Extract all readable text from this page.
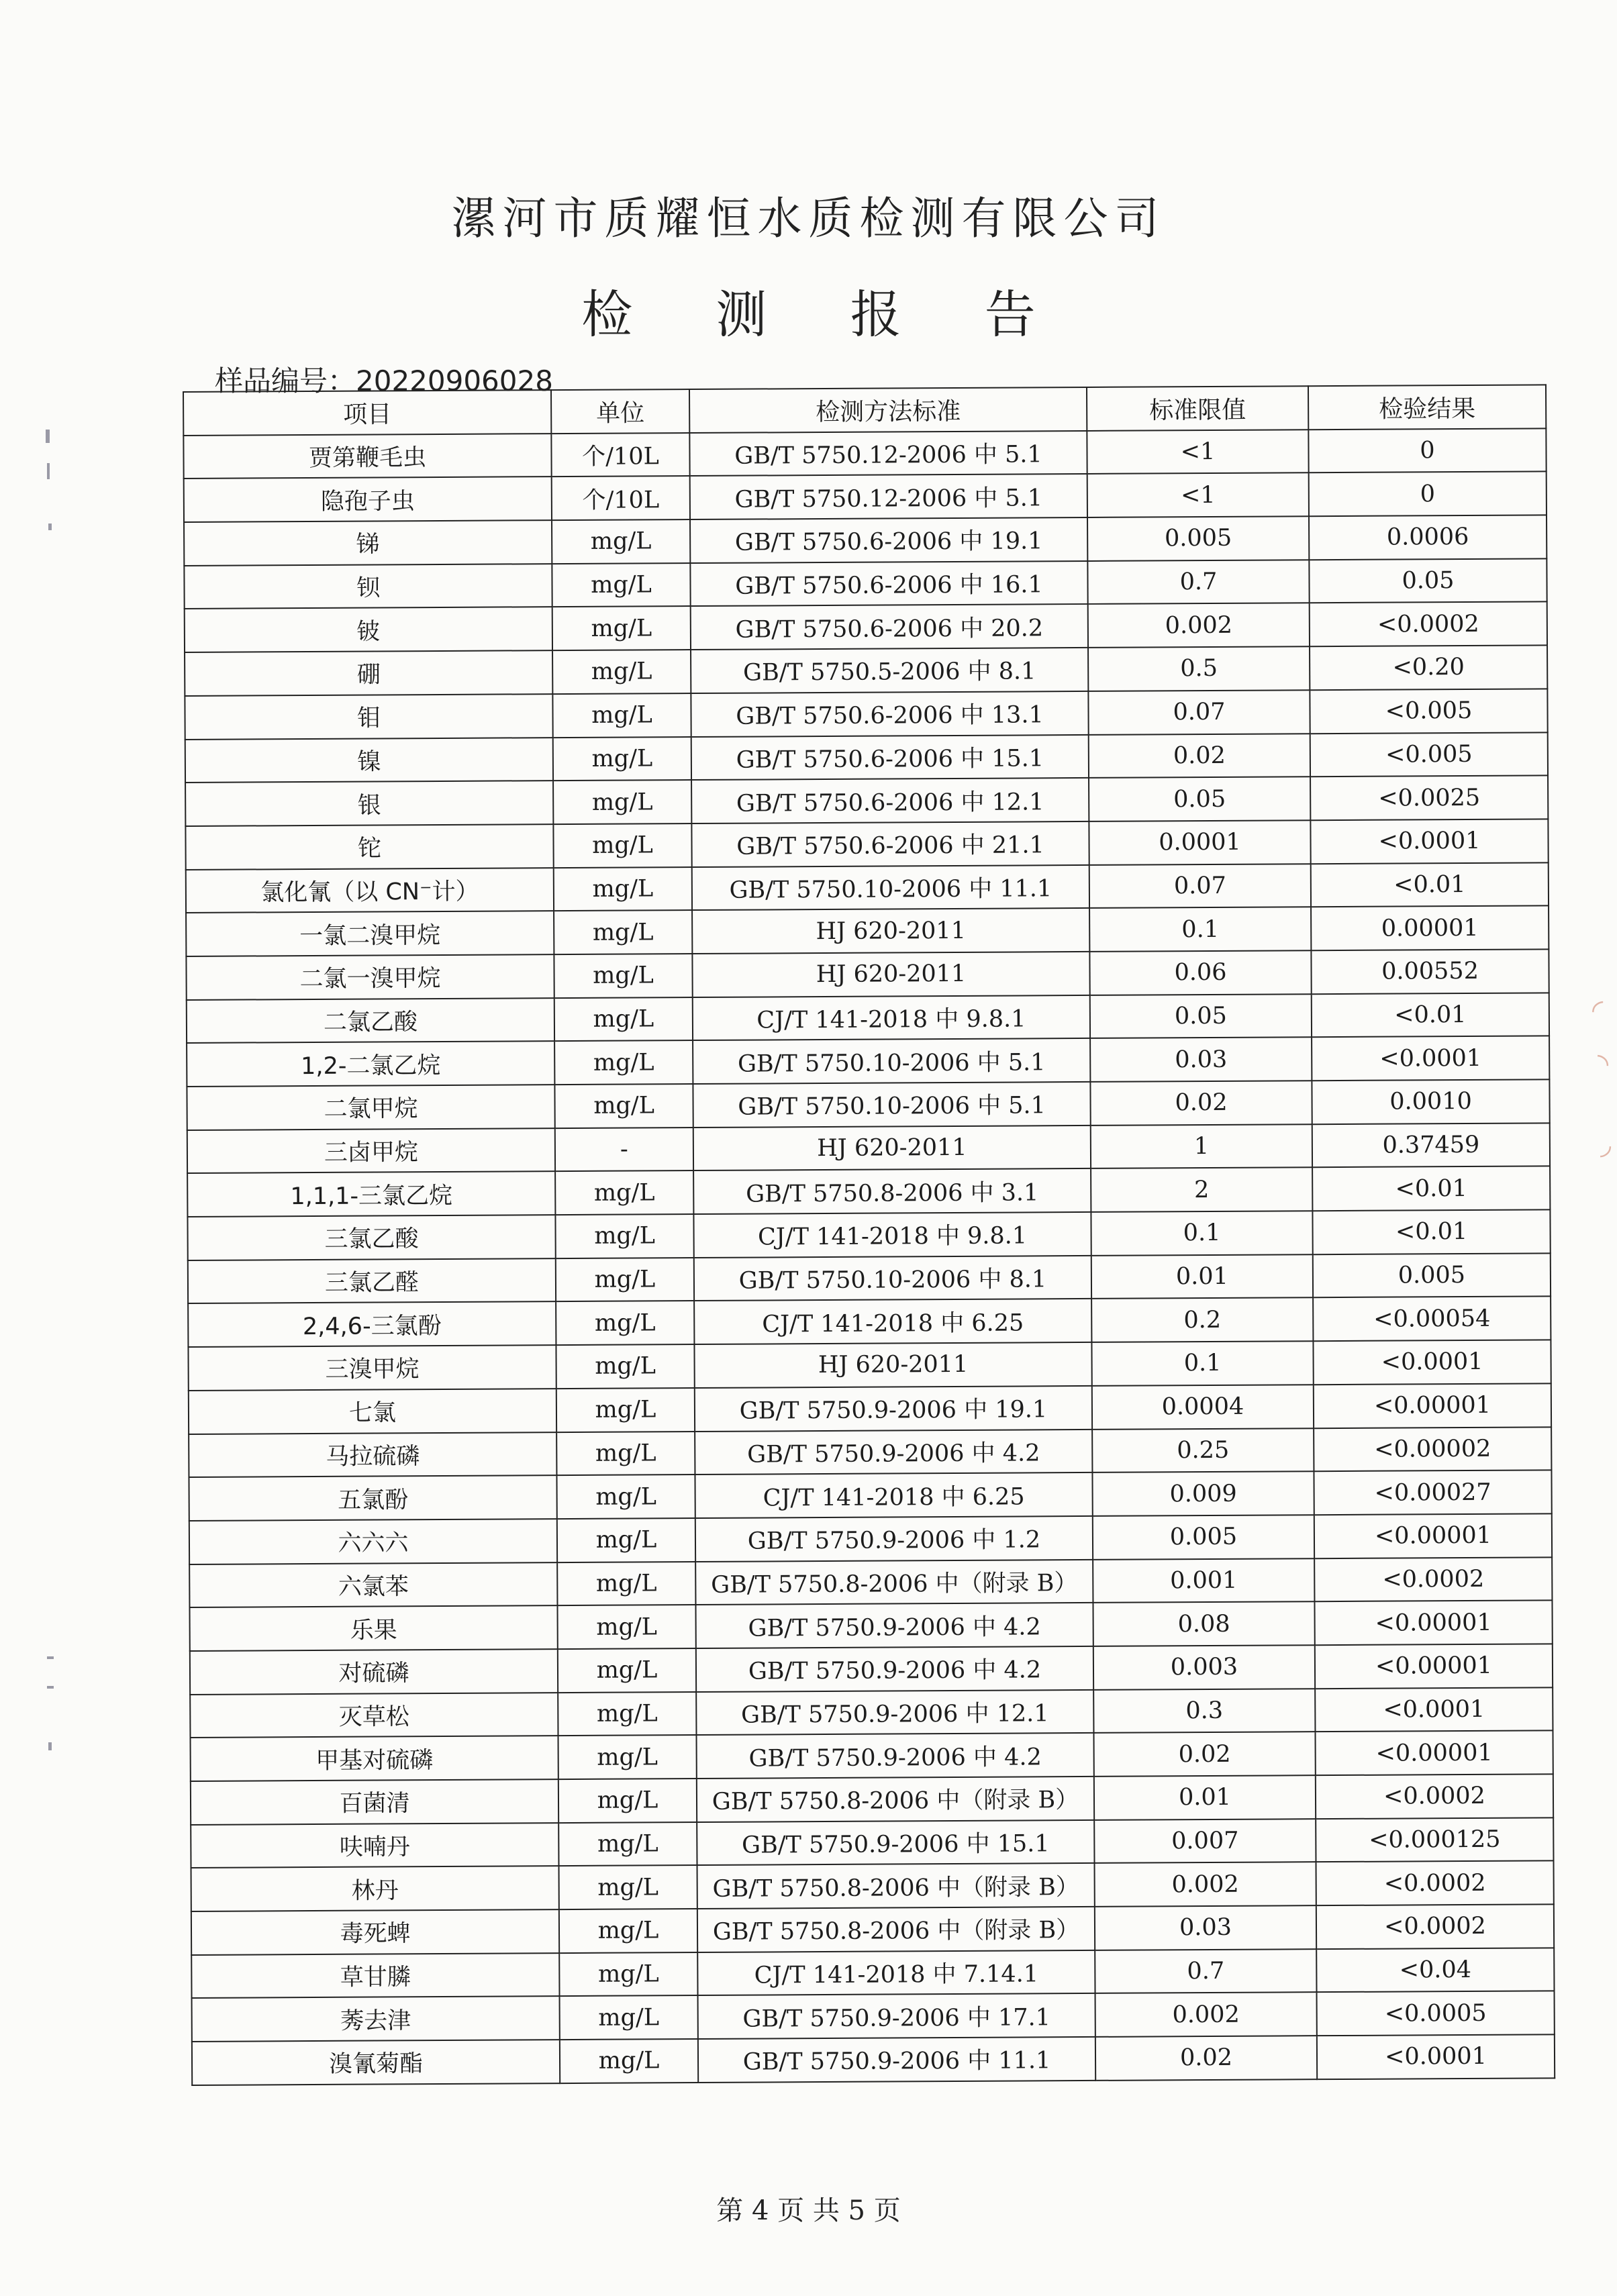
◜
◝
◞
漯河市质耀恒水质检测有限公司
检 测 报 告
样品编号：20220906028
项目	单位	检测方法标准	标准限值	检验结果
贾第鞭毛虫	个/10L	GB/T 5750.12-2006 中 5.1	<1	0
隐孢子虫	个/10L	GB/T 5750.12-2006 中 5.1	<1	0
锑	mg/L	GB/T 5750.6-2006 中 19.1	0.005	0.0006
钡	mg/L	GB/T 5750.6-2006 中 16.1	0.7	0.05
铍	mg/L	GB/T 5750.6-2006 中 20.2	0.002	<0.0002
硼	mg/L	GB/T 5750.5-2006 中 8.1	0.5	<0.20
钼	mg/L	GB/T 5750.6-2006 中 13.1	0.07	<0.005
镍	mg/L	GB/T 5750.6-2006 中 15.1	0.02	<0.005
银	mg/L	GB/T 5750.6-2006 中 12.1	0.05	<0.0025
铊	mg/L	GB/T 5750.6-2006 中 21.1	0.0001	<0.0001
氯化氰（以 CN⁻计）	mg/L	GB/T 5750.10-2006 中 11.1	0.07	<0.01
一氯二溴甲烷	mg/L	HJ 620-2011	0.1	0.00001
二氯一溴甲烷	mg/L	HJ 620-2011	0.06	0.00552
二氯乙酸	mg/L	CJ/T 141-2018 中 9.8.1	0.05	<0.01
1,2-二氯乙烷	mg/L	GB/T 5750.10-2006 中 5.1	0.03	<0.0001
二氯甲烷	mg/L	GB/T 5750.10-2006 中 5.1	0.02	0.0010
三卤甲烷	-	HJ 620-2011	1	0.37459
1,1,1-三氯乙烷	mg/L	GB/T 5750.8-2006 中 3.1	2	<0.01
三氯乙酸	mg/L	CJ/T 141-2018 中 9.8.1	0.1	<0.01
三氯乙醛	mg/L	GB/T 5750.10-2006 中 8.1	0.01	0.005
2,4,6-三氯酚	mg/L	CJ/T 141-2018 中 6.25	0.2	<0.00054
三溴甲烷	mg/L	HJ 620-2011	0.1	<0.0001
七氯	mg/L	GB/T 5750.9-2006 中 19.1	0.0004	<0.00001
马拉硫磷	mg/L	GB/T 5750.9-2006 中 4.2	0.25	<0.00002
五氯酚	mg/L	CJ/T 141-2018 中 6.25	0.009	<0.00027
六六六	mg/L	GB/T 5750.9-2006 中 1.2	0.005	<0.00001
六氯苯	mg/L	GB/T 5750.8-2006 中（附录 B）	0.001	<0.0002
乐果	mg/L	GB/T 5750.9-2006 中 4.2	0.08	<0.00001
对硫磷	mg/L	GB/T 5750.9-2006 中 4.2	0.003	<0.00001
灭草松	mg/L	GB/T 5750.9-2006 中 12.1	0.3	<0.0001
甲基对硫磷	mg/L	GB/T 5750.9-2006 中 4.2	0.02	<0.00001
百菌清	mg/L	GB/T 5750.8-2006 中（附录 B）	0.01	<0.0002
呋喃丹	mg/L	GB/T 5750.9-2006 中 15.1	0.007	<0.000125
林丹	mg/L	GB/T 5750.8-2006 中（附录 B）	0.002	<0.0002
毒死蜱	mg/L	GB/T 5750.8-2006 中（附录 B）	0.03	<0.0002
草甘膦	mg/L	CJ/T 141-2018 中 7.14.1	0.7	<0.04
莠去津	mg/L	GB/T 5750.9-2006 中 17.1	0.002	<0.0005
溴氰菊酯	mg/L	GB/T 5750.9-2006 中 11.1	0.02	<0.0001
第 4 页 共 5 页
